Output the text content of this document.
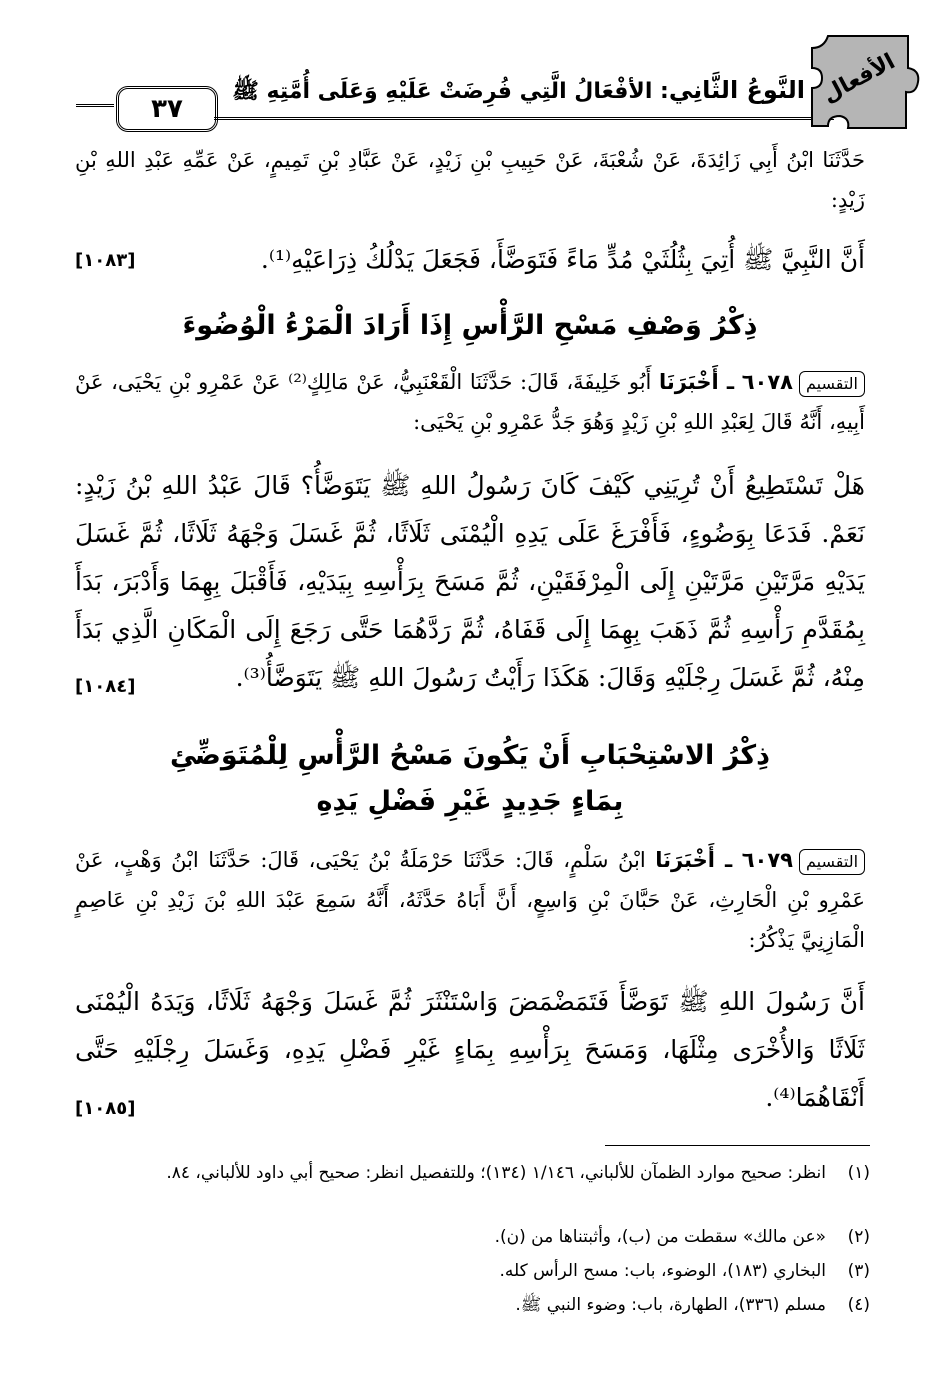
٣٧
النَّوعُ الثَّانِي: الأفْعَالُ الَّتِي فُرِضَتْ عَلَيْهِ وَعَلَى أُمَّتِهِ ﷺ	الأفعال

حَدَّثَنَا ابْنُ أَبِي زَائِدَةَ، عَنْ شُعْبَةَ، عَنْ حَبِيبِ بْنِ زَيْدٍ، عَنْ عَبَّادِ بْنِ تَمِيمٍ، عَنْ عَمِّهِ عَبْدِ اللهِ بْنِ زَيْدٍ:

أَنَّ النَّبِيَّ ﷺ أُتِيَ بِثُلُثَيْ مُدٍّ مَاءً فَتَوَضَّأَ، فَجَعَلَ يَدْلُكُ ذِرَاعَيْهِ⁽¹⁾.

[١٠٨٣]
ذِكْرُ وَصْفِ مَسْحِ الرَّأْسِ إِذَا أَرَادَ الْمَرْءُ الْوُضُوءَ

التقسيم٦٠٧٨ ـ أَخْبَرَنَا أَبُو خَلِيفَةَ، قَالَ: حَدَّثَنَا الْقَعْنَبِيُّ، عَنْ مَالِكٍ⁽²⁾ عَنْ عَمْرِو بْنِ يَحْيَى، عَنْ أَبِيهِ، أَنَّهُ قَالَ لِعَبْدِ اللهِ بْنِ زَيْدٍ وَهُوَ جَدُّ عَمْرِو بْنِ يَحْيَى:

هَلْ تَسْتَطِيعُ أَنْ تُرِيَنِي كَيْفَ كَانَ رَسُولُ اللهِ ﷺ يَتَوَضَّأُ؟ قَالَ عَبْدُ اللهِ بْنُ زَيْدٍ: نَعَمْ. فَدَعَا بِوَضُوءٍ، فَأَفْرَغَ عَلَى يَدِهِ الْيُمْنَى ثَلَاثًا، ثُمَّ غَسَلَ وَجْهَهُ ثَلَاثًا، ثُمَّ غَسَلَ يَدَيْهِ مَرَّتَيْنِ مَرَّتَيْنِ إِلَى الْمِرْفَقَيْنِ، ثُمَّ مَسَحَ بِرَأْسِهِ بِيَدَيْهِ، فَأَقْبَلَ بِهِمَا وَأَدْبَرَ، بَدَأَ بِمُقَدَّمِ رَأْسِهِ ثُمَّ ذَهَبَ بِهِمَا إِلَى قَفَاهُ، ثُمَّ رَدَّهُمَا حَتَّى رَجَعَ إِلَى الْمَكَانِ الَّذِي بَدَأَ مِنْهُ، ثُمَّ غَسَلَ رِجْلَيْهِ وَقَالَ: هَكَذَا رَأَيْتُ رَسُولَ اللهِ ﷺ يَتَوَضَّأُ⁽³⁾.

[١٠٨٤]
ذِكْرُ الاسْتِحْبَابِ أَنْ يَكُونَ مَسْحُ الرَّأْسِ لِلْمُتَوَضِّئِ
بِمَاءٍ جَدِيدٍ غَيْرِ فَضْلِ يَدِهِ

التقسيم٦٠٧٩ ـ أَخْبَرَنَا ابْنُ سَلْمٍ، قَالَ: حَدَّثَنَا حَرْمَلَةُ بْنُ يَحْيَى، قَالَ: حَدَّثَنَا ابْنُ وَهْبٍ، عَنْ عَمْرِو بْنِ الْحَارِثِ، عَنْ حَبَّانَ بْنِ وَاسِعٍ، أَنَّ أَبَاهُ حَدَّثَهُ، أَنَّهُ سَمِعَ عَبْدَ اللهِ بْنَ زَيْدِ بْنِ عَاصِمٍ الْمَازِنِيَّ يَذْكُرُ:

أَنَّ رَسُولَ اللهِ ﷺ تَوَضَّأَ فَتَمَضْمَضَ وَاسْتَنْثَرَ ثُمَّ غَسَلَ وَجْهَهُ ثَلَاثًا، وَيَدَهُ الْيُمْنَى ثَلَاثًا وَالأُخْرَى مِثْلَهَا، وَمَسَحَ بِرَأْسِهِ بِمَاءٍ غَيْرِ فَضْلِ يَدِهِ، وَغَسَلَ رِجْلَيْهِ حَتَّى أَنْقَاهُمَا⁽⁴⁾.

[١٠٨٥]
(١)انظر: صحيح موارد الظمآن للألباني، ١/١٤٦ (١٣٤)؛ وللتفصيل انظر: صحيح أبي داود للألباني، ٨٤.
(٢)«عن مالك» سقطت من (ب)، وأثبتناها من (ن).
(٣)البخاري (١٨٣)، الوضوء، باب: مسح الرأس كله.
(٤)مسلم (٣٣٦)، الطهارة، باب: وضوء النبي ﷺ.
